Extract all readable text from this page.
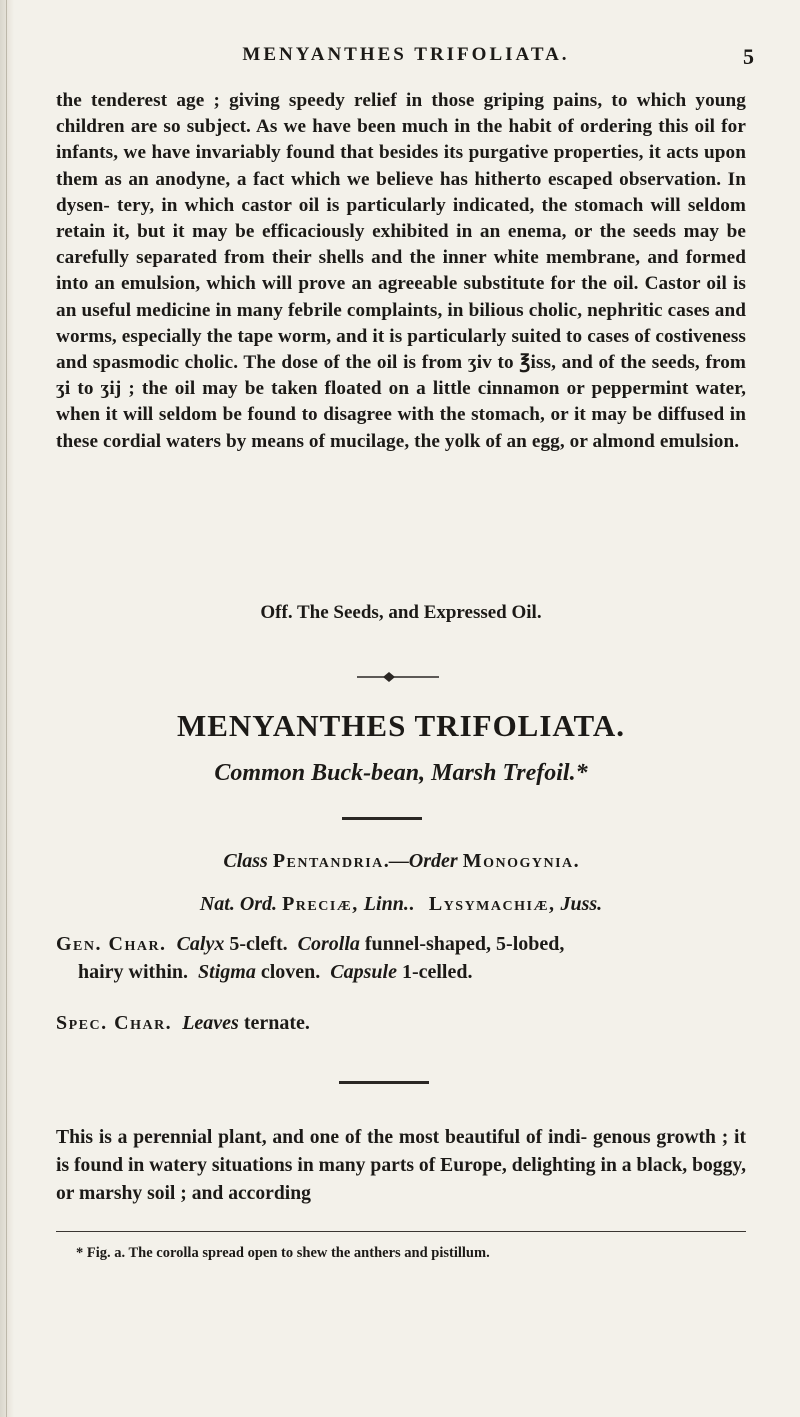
MENYANTHES TRIFOLIATA.	5
the tenderest age ; giving speedy relief in those griping pains, to which young children are so subject. As we have been much in the habit of ordering this oil for infants, we have invariably found that besides its purgative properties, it acts upon them as an anodyne, a fact which we believe has hitherto escaped observation. In dysen- tery, in which castor oil is particularly indicated, the stomach will seldom retain it, but it may be efficaciously exhibited in an enema, or the seeds may be carefully separated from their shells and the inner white membrane, and formed into an emulsion, which will prove an agreeable substitute for the oil. Castor oil is an useful medicine in many febrile complaints, in bilious cholic, nephritic cases and worms, especially the tape worm, and it is particularly suited to cases of costiveness and spasmodic cholic. The dose of the oil is from ʒiv to ℥iss, and of the seeds, from ʒi to ʒij ; the oil may be taken floated on a little cinnamon or peppermint water, when it will seldom be found to disagree with the stomach, or it may be diffused in these cordial waters by means of mucilage, the yolk of an egg, or almond emulsion.
Off. The Seeds, and Expressed Oil.
MENYANTHES TRIFOLIATA.
Common Buck-bean, Marsh Trefoil.*
Class Pentandria.—Order Monogynia.
Nat. Ord. Preciæ, Linn..   Lysymachiæ, Juss.
Gen. Char. Calyx 5-cleft. Corolla funnel-shaped, 5-lobed,
hairy within. Stigma cloven. Capsule 1-celled.
Spec. Char. Leaves ternate.
This is a perennial plant, and one of the most beautiful of indi- genous growth ; it is found in watery situations in many parts of Europe, delighting in a black, boggy, or marshy soil ; and according
* Fig. a. The corolla spread open to shew the anthers and pistillum.
